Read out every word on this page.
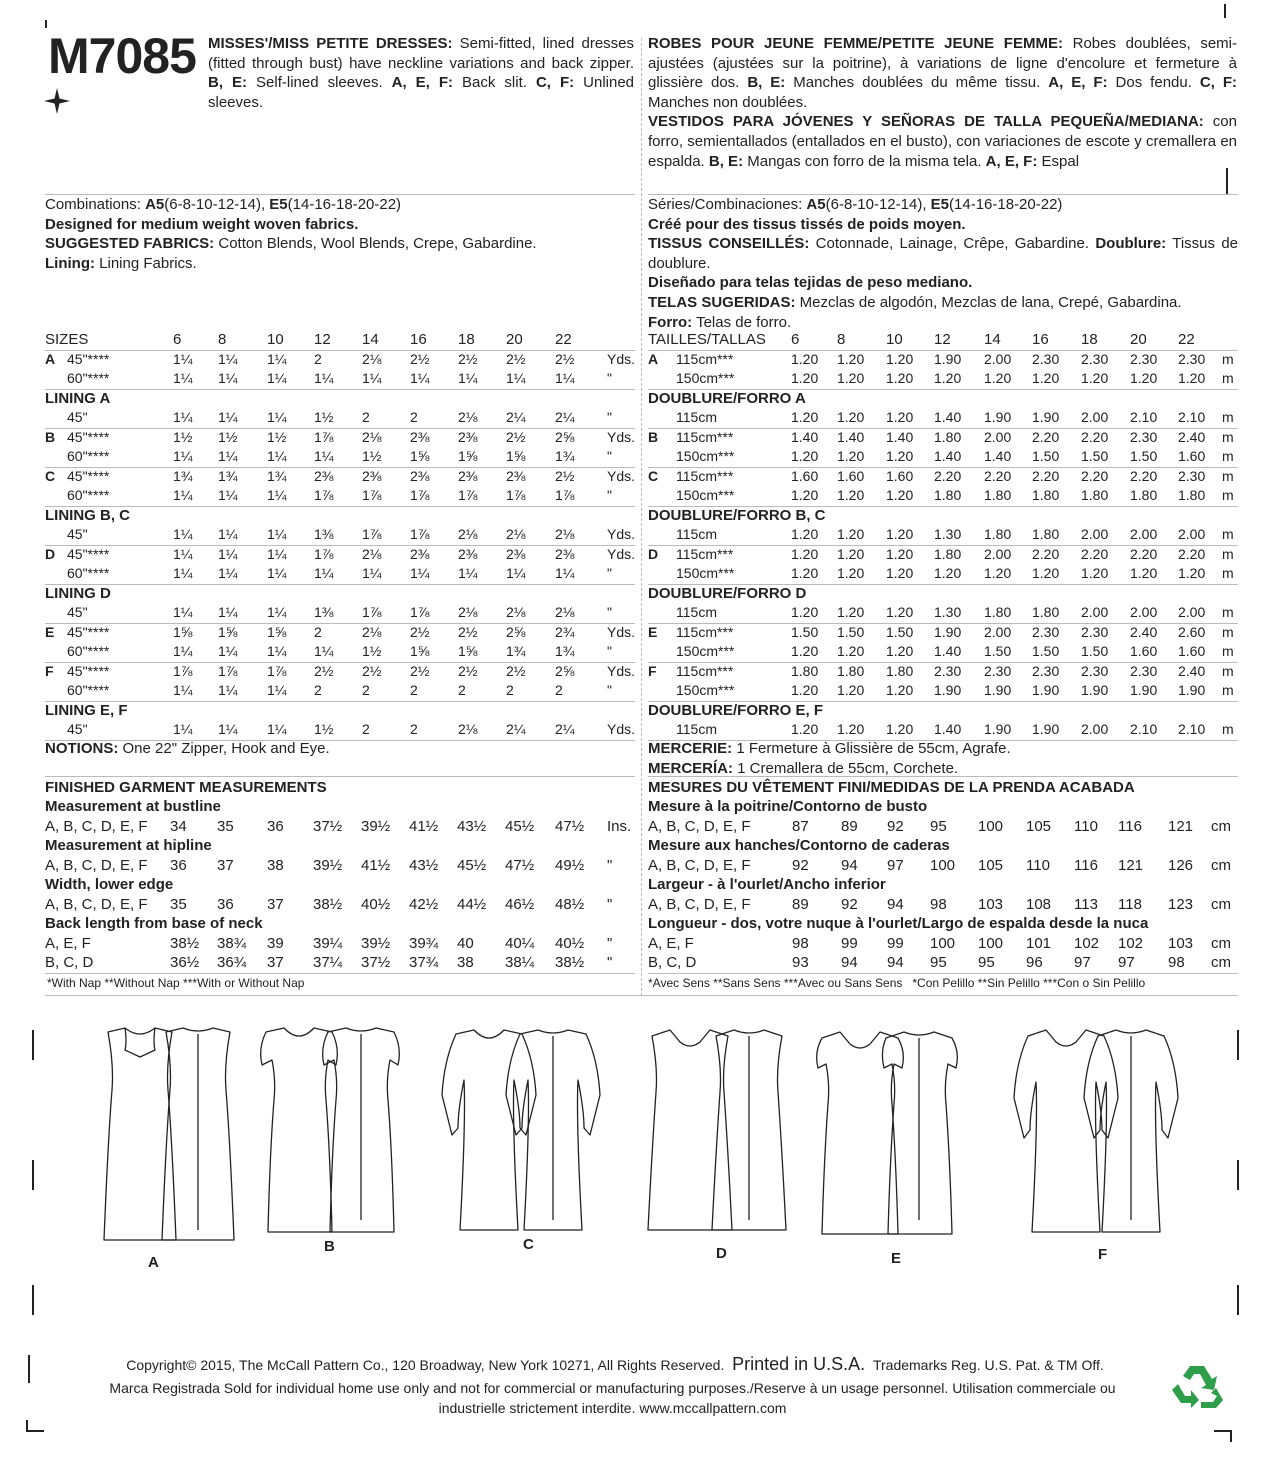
M7085 MISSES'/MISS PETITE DRESSES: Semi-fitted, lined dresses (fitted through bust) have neckline variations and back zipper. B, E: Self-lined sleeves. A, E, F: Back slit. C, F: Unlined sleeves.
ROBES POUR JEUNE FEMME/PETITE JEUNE FEMME: Robes doublées, semi-ajustées (ajustées sur la poitrine), à variations de ligne d'encolure et fermeture à glissière dos. B, E: Manches doublées du même tissu. A, E, F: Dos fendu. C, F: Manches non doublées.
VESTIDOS PARA JÓVENES Y SEÑORAS DE TALLA PEQUEÑA/MEDIANA: con forro, semientallados (entallados en el busto), con variaciones de escote y cremallera en espalda. B, E: Mangas con forro de la misma tela. A, E, F: Espal
Combinations: A5(6-8-10-12-14), E5(14-16-18-20-22)
Designed for medium weight woven fabrics.
SUGGESTED FABRICS: Cotton Blends, Wool Blends, Crepe, Gabardine.
Lining: Lining Fabrics.
Séries/Combinaciones: A5(6-8-10-12-14), E5(14-16-18-20-22)
Créé pour des tissus tissés de poids moyen.
TISSUS CONSEILLÉS: Cotonnade, Lainage, Crêpe, Gabardine. Doublure: Tissus de doublure.
Diseñado para telas tejidas de peso mediano.
TELAS SUGERIDAS: Mezclas de algodón, Mezclas de lana, Crepé, Gabardina.
Forro: Telas de forro.
SIZES	6 8	10 12 14 16 18 20 22
A 45"****	1¼ 1¼ 1¼ 2	2⅛ 2½ 2½ 2½ 2½ Yds.
60"****	1¼ 1¼ 1¼ 1¼ 1¼ 1¼ 1¼ 1¼ 1¼ "
LINING A
45"	1¼ 1¼ 1¼ 1½ 2	2	2⅛ 2¼ 2¼ "
B 45"****	1½ 1½ 1½ 1⅞ 2⅛ 2⅜ 2⅜ 2½ 2⅝ Yds.
60"****	1¼ 1¼ 1¼ 1¼ 1½ 1⅝ 1⅝ 1⅝ 1¾ "
C 45"****	1¾ 1¾ 1¾ 2⅜ 2⅜ 2⅜ 2⅜ 2⅜ 2½ Yds.
60"****	1¼ 1¼ 1¼ 1⅞ 1⅞ 1⅞ 1⅞ 1⅞ 1⅞ "
LINING B, C
45"	1¼ 1¼ 1¼ 1⅜ 1⅞ 1⅞ 2⅛ 2⅛ 2⅛ Yds.
D 45"****	1¼ 1¼ 1¼ 1⅞ 2⅛ 2⅜ 2⅜ 2⅜ 2⅜ Yds.
60"****	1¼ 1¼ 1¼ 1¼ 1¼ 1¼ 1¼ 1¼ 1¼ "
LINING D
45"	1¼ 1¼ 1¼ 1⅜ 1⅞ 1⅞ 2⅛ 2⅛ 2⅛ "
E 45"****	1⅝ 1⅝ 1⅝ 2	2⅛ 2½ 2½ 2⅝ 2¾ Yds.
60"****	1¼ 1¼ 1¼ 1¼ 1½ 1⅝ 1⅝ 1¾ 1¾ "
F 45"****	1⅞ 1⅞ 1⅞ 2½ 2½ 2½ 2½ 2½ 2⅝ Yds.
60"****	1¼ 1¼ 1¼ 2	2	2	2	2	2	"
LINING E, F
45"	1¼ 1¼ 1¼ 1½ 2	2	2⅛ 2¼ 2¼ Yds.
TAILLES/TALLAS 6	8	10 12 14 16 18 20 22
A 115cm***	1.20 1.20 1.20 1.90 2.00 2.30 2.30 2.30 2.30 m
150cm***	1.20 1.20 1.20 1.20 1.20 1.20 1.20 1.20 1.20 m
DOUBLURE/FORRO A
115cm	1.20 1.20 1.20 1.40 1.90 1.90 2.00 2.10 2.10 m
B 115cm***	1.40 1.40 1.40 1.80 2.00 2.20 2.20 2.30 2.40 m
150cm***	1.20 1.20 1.20 1.40 1.40 1.50 1.50 1.50 1.60 m
C 115cm***	1.60 1.60 1.60 2.20 2.20 2.20 2.20 2.20 2.30 m
150cm***	1.20 1.20 1.20 1.80 1.80 1.80 1.80 1.80 1.80 m
DOUBLURE/FORRO B, C
115cm	1.20 1.20 1.20 1.30 1.80 1.80 2.00 2.00 2.00 m
D 115cm***	1.20 1.20 1.20 1.80 2.00 2.20 2.20 2.20 2.20 m
150cm***	1.20 1.20 1.20 1.20 1.20 1.20 1.20 1.20 1.20 m
DOUBLURE/FORRO D
115cm	1.20 1.20 1.20 1.30 1.80 1.80 2.00 2.00 2.00 m
E 115cm***	1.50 1.50 1.50 1.90 2.00 2.30 2.30 2.40 2.60 m
150cm***	1.20 1.20 1.20 1.40 1.50 1.50 1.50 1.60 1.60 m
F 115cm***	1.80 1.80 1.80 2.30 2.30 2.30 2.30 2.30 2.40 m
150cm***	1.20 1.20 1.20 1.90 1.90 1.90 1.90 1.90 1.90 m
DOUBLURE/FORRO E, F
115cm	1.20 1.20 1.20 1.40 1.90 1.90 2.00 2.10 2.10 m
NOTIONS: One 22" Zipper, Hook and Eye.	MERCERIE: 1 Fermeture à Glissière de 55cm, Agrafe.
MERCERÍA: 1 Cremallera de 55cm, Corchete.
FINISHED GARMENT MEASUREMENTS	MESURES DU VÊTEMENT FINI/MEDIDAS DE LA PRENDA ACABADA
Measurement at bustline
A, B, C, D, E, F 34 35 36 37½ 39½ 41½ 43½ 45½ 47½ Ins.
Measurement at hipline
A, B, C, D, E, F 36 37 38 39½ 41½ 43½ 45½ 47½ 49½ "
Width, lower edge
A, B, C, D, E, F 35 36 37 38½ 40½ 42½ 44½ 46½ 48½ "
Back length from base of neck
A, E, F	38½ 38¾ 39 39¼ 39½ 39¾ 40 40¼ 40½ "
B, C, D	36½ 36¾ 37 37¼ 37½ 37¾ 38 38¼ 38½ "
Mesure à la poitrine/Contorno de busto
A, B, C, D, E, F	87 89 92 95 100 105 110 116 121 cm
Mesure aux hanches/Contorno de caderas
A, B, C, D, E, F	92 94 97 100 105 110 116 121 126 cm
Largeur - à l'ourlet/Ancho inferior
A, B, C, D, E, F	89 92 94 98 103 108 113 118 123 cm
Longueur - dos, votre nuque à l'ourlet/Largo de espalda desde la nuca
A, E, F	98 99 99 100 100 101 102 102 103 cm
B, C, D	93 94 94 95 95 96 97 97 98 cm
*With Nap **Without Nap ***With or Without Nap	*Avec Sens **Sans Sens ***Avec ou Sans Sens   *Con Pelillo **Sin Pelillo ***Con o Sin Pelillo
A
B	C
D	E	F
Copyright© 2015, The McCall Pattern Co., 120 Broadway, New York 10271, All Rights Reserved. Printed in U.S.A. Trademarks Reg. U.S. Pat. & TM Off.
Marca Registrada Sold for individual home use only and not for commercial or manufacturing purposes./Reserve à un usage personnel. Utilisation commerciale ou
industrielle strictement interdite. www.mccallpattern.com
